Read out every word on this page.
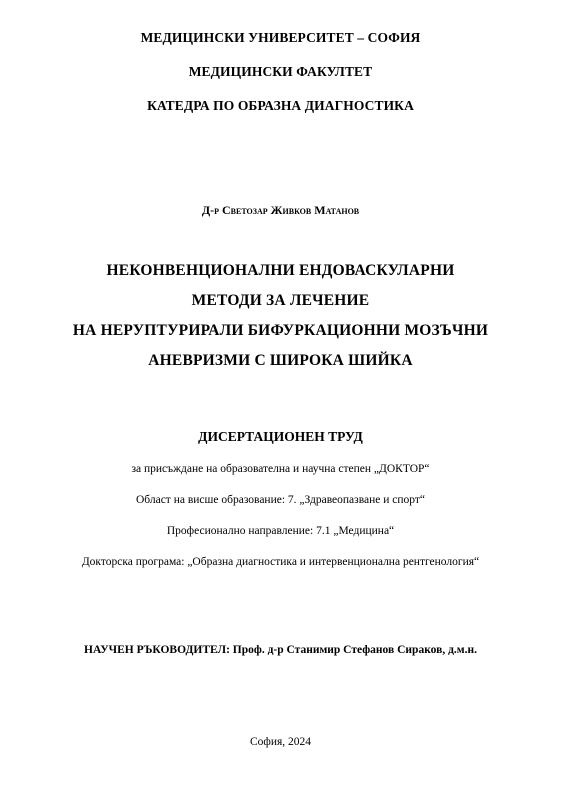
МЕДИЦИНСКИ УНИВЕРСИТЕТ – СОФИЯ
МЕДИЦИНСКИ ФАКУЛТЕТ
КАТЕДРА ПО ОБРАЗНА ДИАГНОСТИКА
Д-р Светозар Живков Матанов
НЕКОНВЕНЦИОНАЛНИ ЕНДОВАСКУЛАРНИ
МЕТОДИ ЗА ЛЕЧЕНИЕ
НА НЕРУПТУРИРАЛИ БИФУРКАЦИОННИ МОЗЪЧНИ
АНЕВРИЗМИ С ШИРОКА ШИЙКА
ДИСЕРТАЦИОНЕН ТРУД
за присъждане на образователна и научна степен „ДОКТОР“
Област на висше образование: 7. „Здравеопазване и спорт“
Професионално направление: 7.1 „Медицина“
Докторска програма: „Образна диагностика и интервенционална рентгенология“
НАУЧЕН РЪКОВОДИТЕЛ: Проф. д-р Станимир Стефанов Сираков, д.м.н.
София, 2024
